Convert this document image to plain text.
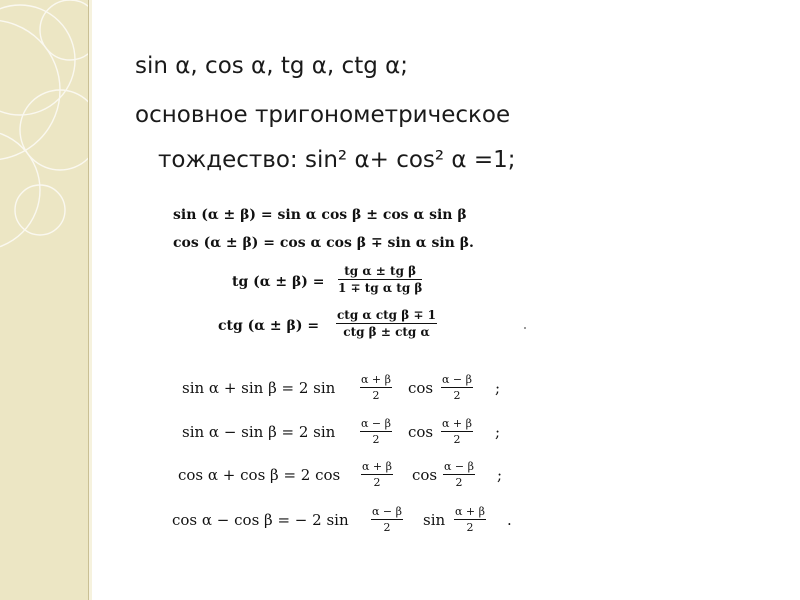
sin α, cos α, tg α, ctg α;
основное тригонометрическое
тождество: sin² α+ cos² α =1;
sin (α ± β) = sin α cos β ± cos α sin β
cos (α ± β) = cos α cos β ∓ sin α sin β.
tg $(\alpha \pm \beta) = \frac{\text{tg α ± tg β}}{\text{1 ∓ tg α tg β}}$
ctg (α ± β) =
ctg α ctg β ∓ 1
ctg β ± ctg α
sin α + sin β = 2 $\sin \frac{\alpha + \beta}{2}$ $\cos \frac{\alpha - \beta}{2}$ ;
sin α − sin β = 2 $\sin \frac{\alpha - \beta}{2}$ $\cos \frac{\alpha + \beta}{2}$ ;
cos α + cos β = 2 $\cos \frac{\alpha + \beta}{2}$ $\cos \frac{\alpha - \beta}{2}$ ;
cos α − cos β = − 2 $\sin \frac{\alpha - \beta}{2}$ $\sin \frac{\alpha + \beta}{2}$ .
